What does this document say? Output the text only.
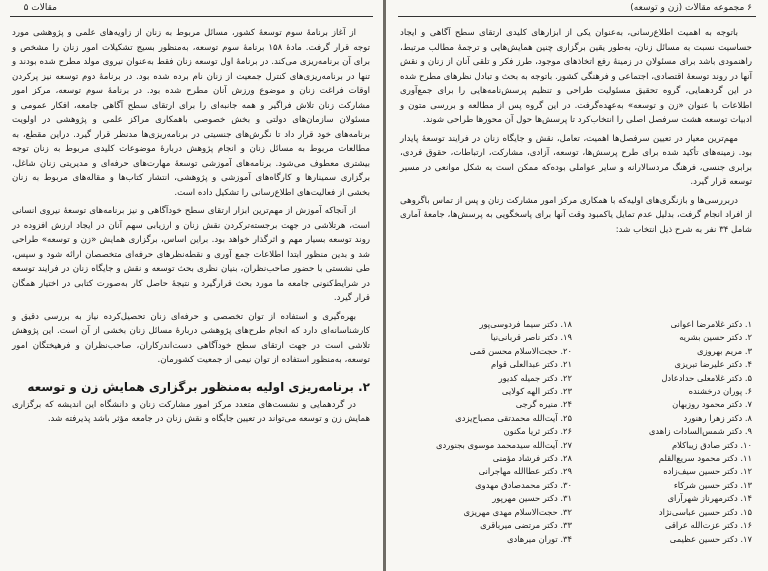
مقالات ۵

از آغاز برنامهٔ سوم توسعهٔ کشور، مسائل مربوط به زنان از زاویه‌های علمی و پژوهشی مورد توجه قرار گرفت. مادهٔ ۱۵۸ برنامهٔ سوم توسعه، به‌منظور بسیج تشکیلات امور زنان را مشخص و برای آن برنامه‌ریزی می‌کند. در برنامهٔ اول توسعه زنان فقط به‌عنوان نیروی مولد مطرح شده بودند و تنها در برنامه‌ریزی‌های کنترل جمعیت از زنان نام برده شده بود. در برنامهٔ دوم توسعه نیز پرکردن اوقات فراغت زنان و موضوع ورزش آنان مطرح شده بود. در برنامهٔ سوم توسعه، مرکز امور مشارکت زنان تلاش فراگیر و همه جانبه‌ای را برای ارتقای سطح آگاهی جامعه، افکار عمومی و مسئولان سازمان‌های دولتی و بخش خصوصی باهمکاری مراکز علمی و پژوهشی در اولویت برنامه‌های خود قرار داد تا نگرش‌های جنسیتی در برنامه‌ریزی‌ها مدنظر قرار گیرد. دراین مقطع، به مطالعات مربوط به مسائل زنان و انجام پژوهش دربارهٔ موضوعات کلیدی مربوط به زنان توجه بیشتری معطوف می‌شود. برنامه‌های آموزشی توسعهٔ مهارت‌های حرفه‌ای و مدیریتی زنان شاغل، برگزاری سمینارها و کارگاه‌های آموزشی و پژوهشی، انتشار کتاب‌ها و مقاله‌های مربوط به زنان بخشی از فعالیت‌های اطلاع‌رسانی را تشکیل داده است.

از آنجاکه آموزش از مهم‌ترین ابزار ارتقای سطح خودآگاهی و نیز برنامه‌های توسعهٔ نیروی انسانی است، هرتلاشی در جهت برجسته‌ترکردن نقش زنان و ارزیابی سهم آنان در ایجاد ارزش افزوده در روند توسعه بسیار مهم و اثرگذار خواهد بود. براین اساس، برگزاری همایش «زن و توسعه» طراحی شد و بدین منظور ابتدا اطلاعات جمع آوری و نقطه‌نظرهای حرفه‌ای متخصصان ارائه شود و سپس، طی نشستی با حضور صاحب‌نظران، بنیان نظری بحث توسعه و نقش و جایگاه زنان در فرایند توسعه در شرایط‌کنونی جامعه ما مورد بحث قرارگیرد و نتیجهٔ حاصل کار به‌صورت کتابی در اختیار همگان قرار گیرد.

بهره‌گیری و استفاده از توان تخصصی و حرفه‌ای زنان تحصیل‌کرده نیاز به بررسی دقیق و کارشناسانه‌ای دارد که انجام طرح‌های پژوهشی دربارهٔ مسائل زنان بخشی از آن است. این پژوهش تلاشی است در جهت ارتقای سطح خودآگاهی دست‌اندرکاران، صاحب‌نظران و فرهیختگان امور توسعه، به‌منظور استفاده از توان نیمی از جمعیت کشورمان.

۲. برنامه‌ریزی اولیه به‌منظور برگزاری همایش زن و توسعه

در گردهمایی و نشست‌های متعدد مرکز امور مشارکت زنان و دانشگاه این اندیشه که برگزاری همایش زن و توسعه می‌تواند در تعیین جایگاه و نقش زنان در جامعه مؤثر باشد پذیرفته شد.

۶ مجموعه مقالات (زن و توسعه)

باتوجه به اهمیت اطلاع‌رسانی، به‌عنوان یکی از ابزارهای کلیدی ارتقای سطح آگاهی و ایجاد حساسیت نسبت به مسائل زنان، به‌طور یقین برگزاری چنین همایش‌هایی و ترجمهٔ مطالب مرتبط، راهنمودی باشد برای مسئولان در زمینهٔ رفع اتخاذهای موجود، طرز فکر و تلقی آنان از زنان و نقش آنها در روند توسعهٔ اقتصادی، اجتماعی و فرهنگی کشور. باتوجه به بحث و تبادل نظرهای مطرح شده در این گردهمایی، گروه تحقیق مسئولیت طراحی و تنظیم پرسش‌نامه‌هایی را برای جمع‌آوری اطلاعات با عنوان «زن و توسعه» به‌عهده‌گرفت. در این گروه پس از مطالعه و بررسی متون و ادبیات توسعه هشت سرفصل اصلی را انتخاب‌کرد تا پرسش‌ها حول آن محورها طراحی شوند.

مهم‌ترین معیار در تعیین سرفصل‌ها اهمیت، تعامل، نقش و جایگاه زنان در فرایند توسعهٔ پایدار بود. زمینه‌های تأکید شده برای طرح پرسش‌ها، توسعه، آزادی، مشارکت، ارتباطات، حقوق فردی، برابری جنسی، فرهنگ مردسالارانه و سایر عواملی بوده‌که ممکن است به شکل موانعی در مسیر توسعه قرار گیرد.

دربررسی‌ها و بازنگری‌های اولیه‌که با همکاری مرکز امور مشارکت زنان و پس از تماس باگروهی از افراد انجام گرفت، بدلیل عدم تمایل یاکمبود وقت آنها برای پاسخگویی به پرسش‌ها، جامعهٔ آماری شامل ۳۴ نفر به شرح ذیل انتخاب شد:

۱. دکتر غلامرضا اعوانی
۲. دکتر حسین بشریه
۳. مریم بهروزی
۴. دکتر علیرضا تبریزی
۵. دکتر غلامعلی حدادعادل
۶. پوران درخشنده
۷. دکتر محمود روزبهان
۸. دکتر زهرا رهنورد
۹. دکتر شمس‌السادات زاهدی
۱۰. دکتر صادق زیباکلام
۱۱. دکتر محمود سریع‌القلم
۱۲. دکتر حسین سیف‌زاده
۱۳. دکتر حسین شرکاء
۱۴. دکترمهرناز شهرآرای
۱۵. دکتر حسین عباسی‌نژاد
۱۶. دکتر عزت‌الله عراقی
۱۷. دکتر حسین عظیمی
۱۸. دکتر سیما فردوسی‌پور
۱۹. دکتر ناصر قربانی‌نیا
۲۰. حجت‌الاسلام محسن قمی
۲۱. دکتر عبدالعلی قوام
۲۲. دکتر جمیله کدیور
۲۳. دکتر الهه کولایی
۲۴. منیره گرجی
۲۵. آیت‌الله محمدتقی مصباح‌یزدی
۲۶. دکتر ثریا مکنون
۲۷. آیت‌الله سیدمحمد موسوی بجنوردی
۲۸. دکتر فرشاد مؤمنی
۲۹. دکتر عطاالله مهاجرانی
۳۰. دکتر محمدصادق مهدوی
۳۱. دکتر حسین مهرپور
۳۲. حجت‌الاسلام مهدی مهریزی
۳۳. دکتر مرتضی میرباقری
۳۴. توران میرهادی
